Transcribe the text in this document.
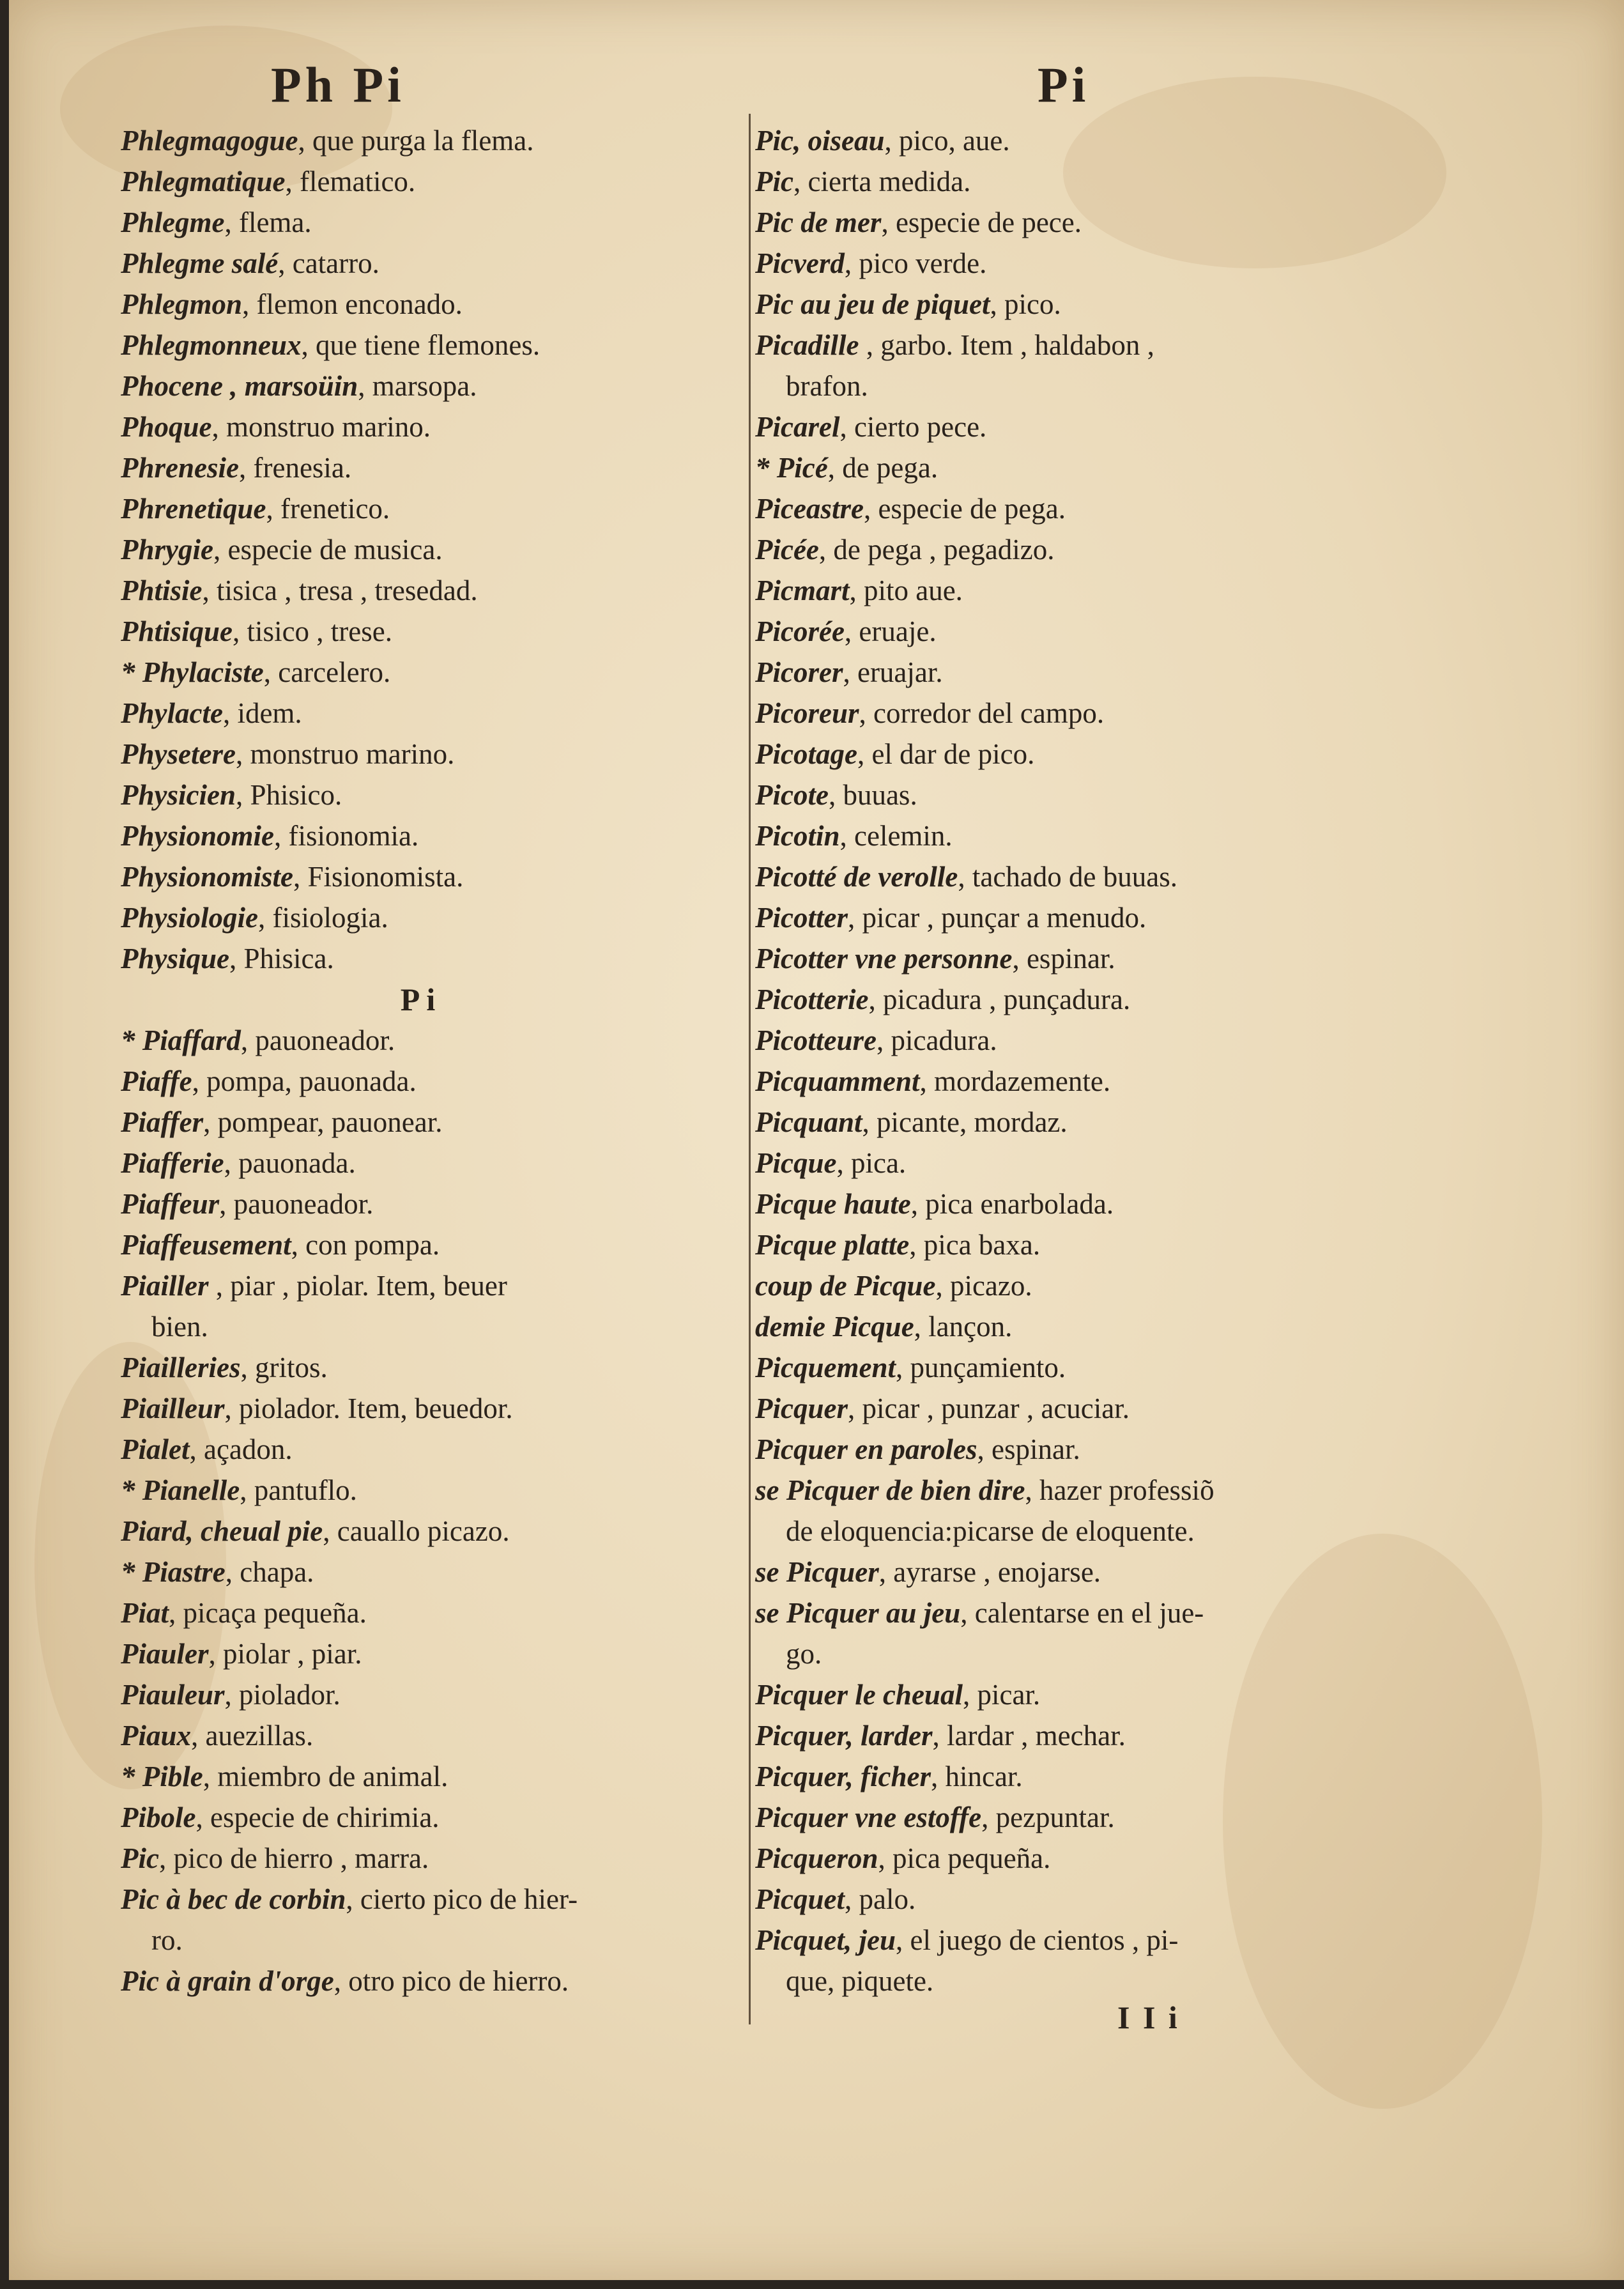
Ph Pi	Pi

Phlegmagogue, que purga la flema.

Phlegmatique, flematico.

Phlegme, flema.

Phlegme salé, catarro.

Phlegmon, flemon enconado.

Phlegmonneux, que tiene flemones.

Phocene , marsoüin, marsopa.

Phoque, monstruo marino.

Phrenesie, frenesia.

Phrenetique, frenetico.

Phrygie, especie de musica.

Phtisie, tisica , tresa , tresedad.

Phtisique, tisico , trese.

* Phylaciste, carcelero.

Phylacte, idem.

Physetere, monstruo marino.

Physicien, Phisico.

Physionomie, fisionomia.

Physionomiste, Fisionomista.

Physiologie, fisiologia.

Physique, Phisica.

Pi

* Piaffard, pauoneador.

Piaffe, pompa, pauonada.

Piaffer, pompear, pauonear.

Piafferie, pauonada.

Piaffeur, pauoneador.

Piaffeusement, con pompa.

Piailler , piar , piolar. Item, beuer
bien.

Piailleries, gritos.

Piailleur, piolador. Item, beuedor.

Pialet, açadon.

* Pianelle, pantuflo.

Piard, cheual pie, cauallo picazo.

* Piastre, chapa.

Piat, picaça pequeña.

Piauler, piolar , piar.

Piauleur, piolador.

Piaux, auezillas.

* Pible, miembro de animal.

Pibole, especie de chirimia.

Pic, pico de hierro , marra.

Pic à bec de corbin, cierto pico de hier-
ro.

Pic à grain d'orge, otro pico de hierro.

Pic, oiseau, pico, aue.

Pic, cierta medida.

Pic de mer, especie de pece.

Picverd, pico verde.

Pic au jeu de piquet, pico.

Picadille , garbo. Item , haldabon ,
brafon.

Picarel, cierto pece.

* Picé, de pega.

Piceastre, especie de pega.

Picée, de pega , pegadizo.

Picmart, pito aue.

Picorée, eruaje.

Picorer, eruajar.

Picoreur, corredor del campo.

Picotage, el dar de pico.

Picote, buuas.

Picotin, celemin.

Picotté de verolle, tachado de buuas.

Picotter, picar , punçar a menudo.

Picotter vne personne, espinar.

Picotterie, picadura , punçadura.

Picotteure, picadura.

Picquamment, mordazemente.

Picquant, picante, mordaz.

Picque, pica.

Picque haute, pica enarbolada.

Picque platte, pica baxa.

coup de Picque, picazo.

demie Picque, lançon.

Picquement, punçamiento.

Picquer, picar , punzar , acuciar.

Picquer en paroles, espinar.

se Picquer de bien dire, hazer professiõ
de eloquencia:picarse de eloquente.

se Picquer, ayrarse , enojarse.

se Picquer au jeu, calentarse en el jue-
go.

Picquer le cheual, picar.

Picquer, larder, lardar , mechar.

Picquer, ficher, hincar.

Picquer vne estoffe, pezpuntar.

Picqueron, pica pequeña.

Picquet, palo.

Picquet, jeu, el juego de cientos , pi-
que, piquete.

I I i
